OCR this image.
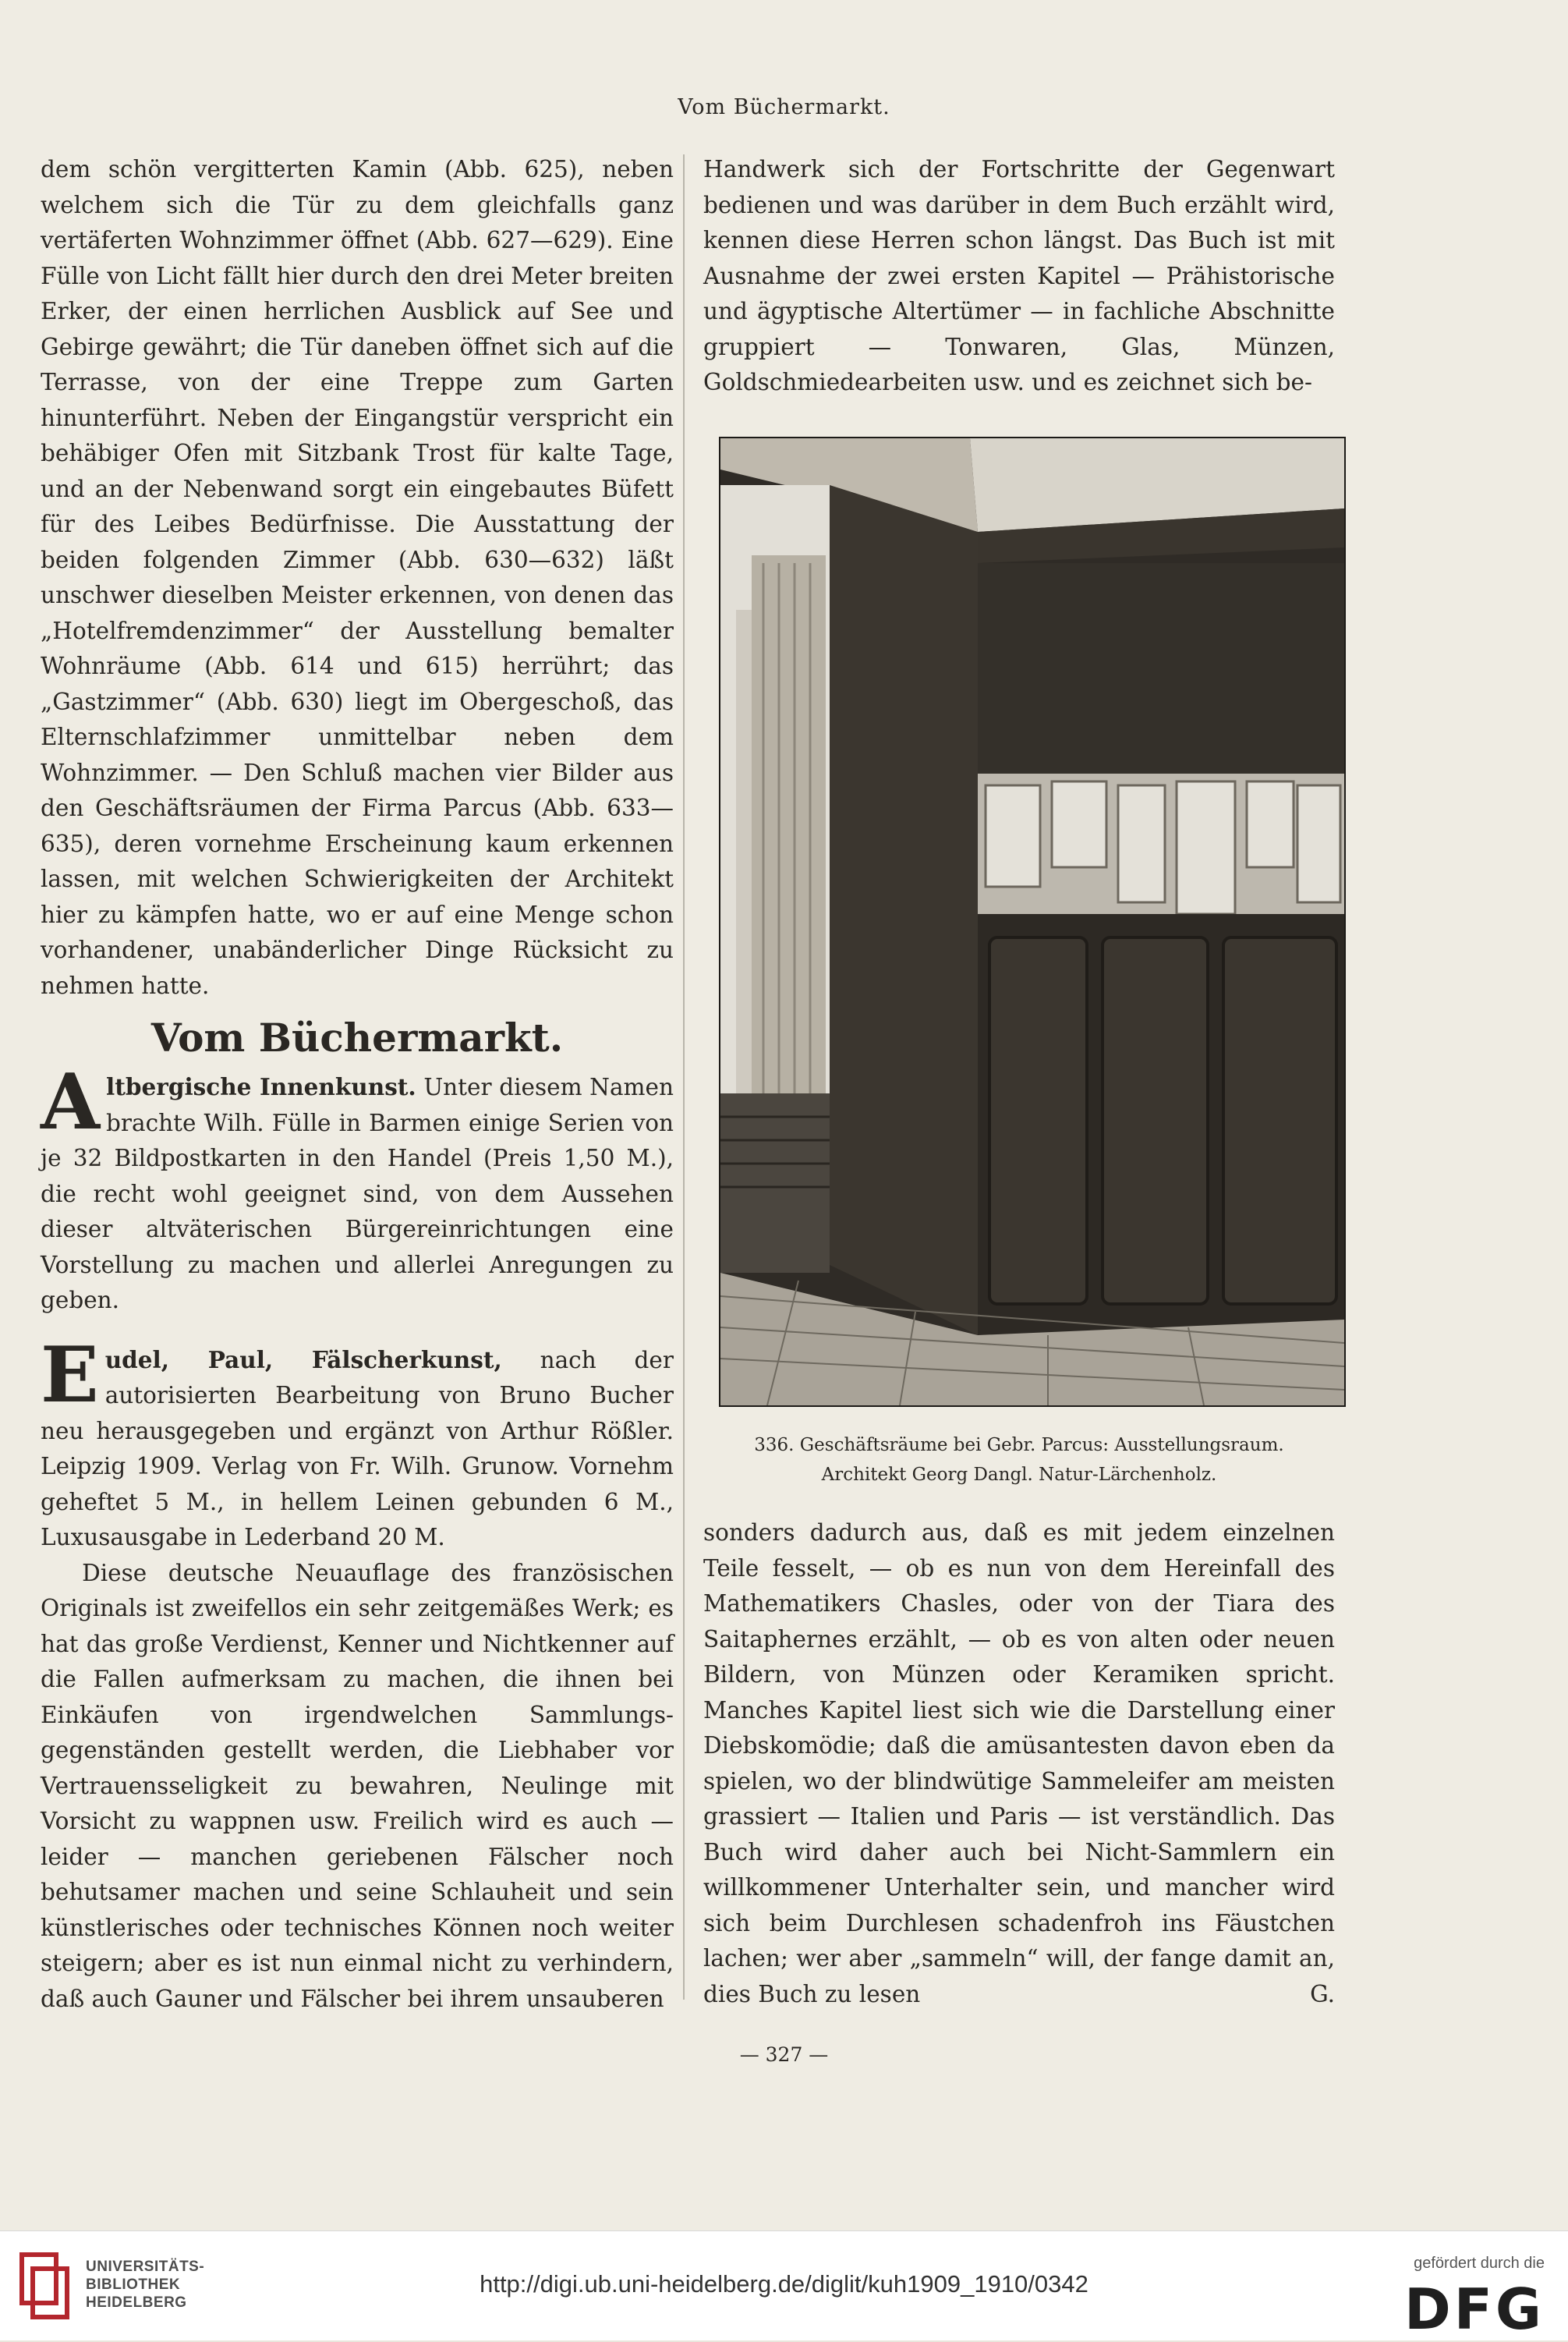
Vom Büchermarkt.

dem schön vergitterten Kamin (Abb. 625), neben welchem sich die Tür zu dem gleichfalls ganz vertäferten Wohnzimmer öffnet (Abb. 627—629). Eine Fülle von Licht fällt hier durch den drei Meter breiten Erker, der einen herrlichen Ausblick auf See und Gebirge gewährt; die Tür daneben öffnet sich auf die Terrasse, von der eine Treppe zum Garten hinunterführt. Neben der Eingangstür verspricht ein behäbiger Ofen mit Sitzbank Trost für kalte Tage, und an der Nebenwand sorgt ein eingebautes Büfett für des Leibes Bedürfnisse. Die Ausstattung der beiden folgenden Zimmer (Abb. 630—632) läßt unschwer dieselben Meister erkennen, von denen das „Hotelfremdenzimmer“ der Ausstellung bemalter Wohnräume (Abb. 614 und 615) herrührt; das „Gastzimmer“ (Abb. 630) liegt im Obergeschoß, das Elternschlafzimmer unmittelbar neben dem Wohnzimmer. — Den Schluß machen vier Bilder aus den Geschäftsräumen der Firma Parcus (Abb. 633—635), deren vornehme Erscheinung kaum erkennen lassen, mit welchen Schwierigkeiten der Architekt hier zu kämpfen hatte, wo er auf eine Menge schon vorhandener, unabänderlicher Dinge Rücksicht zu nehmen hatte.

Vom Büchermarkt.

Altbergische Innenkunst. Unter diesem Namen brachte Wilh. Fülle in Barmen einige Serien von je 32 Bildpostkarten in den Handel (Preis 1,50 M.), die recht wohl geeignet sind, von dem Aussehen dieser altväterischen Bürgereinrichtungen eine Vorstellung zu machen und allerlei Anregungen zu geben.

Eudel, Paul, Fälscherkunst, nach der autorisierten Bearbeitung von Bruno Bucher neu herausgegeben und ergänzt von Arthur Rößler. Leipzig 1909. Verlag von Fr. Wilh. Grunow. Vornehm geheftet 5 M., in hellem Leinen gebunden 6 M., Luxusausgabe in Lederband 20 M.

Diese deutsche Neuauflage des französischen Originals ist zweifellos ein sehr zeitgemäßes Werk; es hat das große Verdienst, Kenner und Nichtkenner auf die Fallen aufmerksam zu machen, die ihnen bei Einkäufen von irgendwelchen Sammlungs-gegenständen gestellt werden, die Liebhaber vor Vertrauensseligkeit zu bewahren, Neulinge mit Vorsicht zu wappnen usw. Freilich wird es auch — leider — manchen geriebenen Fälscher noch behutsamer machen und seine Schlauheit und sein künstlerisches oder technisches Können noch weiter steigern; aber es ist nun einmal nicht zu verhindern, daß auch Gauner und Fälscher bei ihrem unsauberen

Handwerk sich der Fortschritte der Gegenwart bedienen und was darüber in dem Buch erzählt wird, kennen diese Herren schon längst. Das Buch ist mit Ausnahme der zwei ersten Kapitel — Prähistorische und ägyptische Altertümer — in fachliche Abschnitte gruppiert — Tonwaren, Glas, Münzen, Goldschmiedearbeiten usw. und es zeichnet sich be-

336. Geschäftsräume bei Gebr. Parcus: Ausstellungsraum.
Architekt Georg Dangl. Natur-Lärchenholz.

sonders dadurch aus, daß es mit jedem einzelnen Teile fesselt, — ob es nun von dem Hereinfall des Mathematikers Chasles, oder von der Tiara des Saitaphernes erzählt, — ob es von alten oder neuen Bildern, von Münzen oder Keramiken spricht. Manches Kapitel liest sich wie die Darstellung einer Diebskomödie; daß die amüsantesten davon eben da spielen, wo der blindwütige Sammeleifer am meisten grassiert — Italien und Paris — ist verständlich. Das Buch wird daher auch bei Nicht-Sammlern ein willkommener Unterhalter sein, und mancher wird sich beim Durchlesen schadenfroh ins Fäustchen lachen; wer aber „sammeln“ will, der fange damit an, dies Buch zu lesen	G.

— 327 —
UNIVERSITÄTS-
BIBLIOTHEK
HEIDELBERG
http://digi.ub.uni-heidelberg.de/diglit/kuh1909_1910/0342
gefördert durch die
DFG
